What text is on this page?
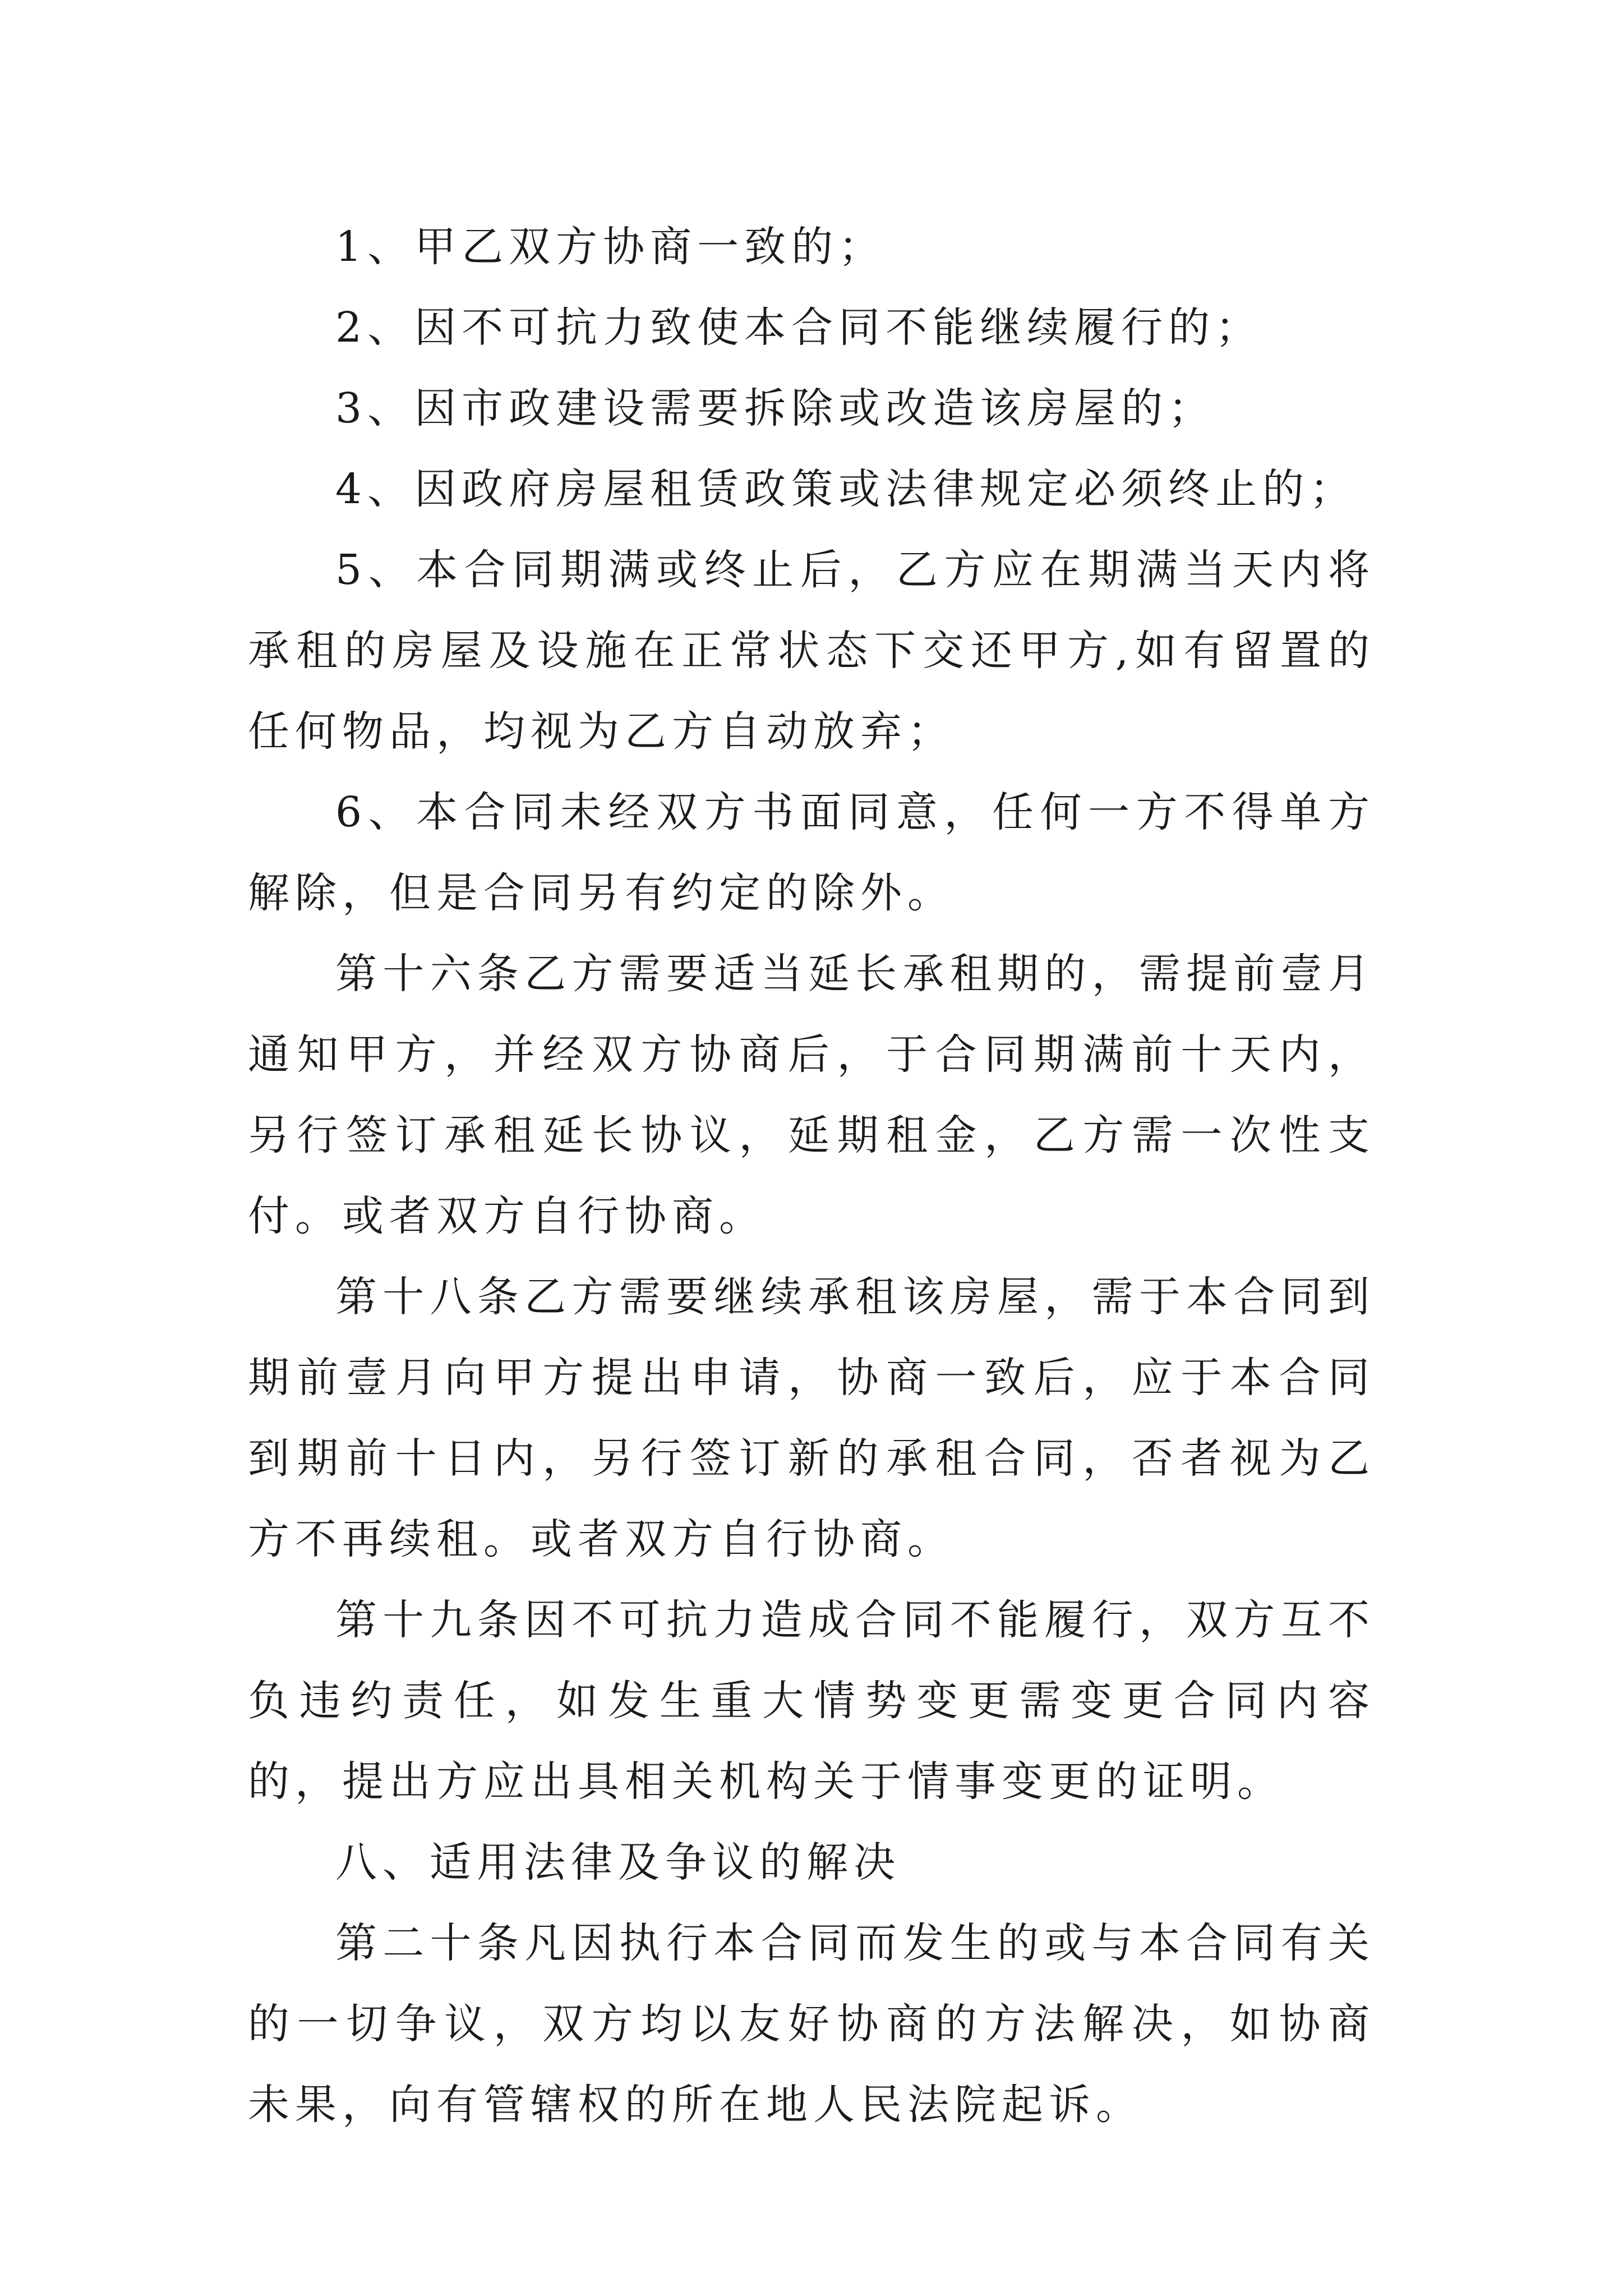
1、甲乙双方协商一致的；

2、因不可抗力致使本合同不能继续履行的；

3、因市政建设需要拆除或改造该房屋的；

4、因政府房屋租赁政策或法律规定必须终止的；

5、本合同期满或终止后，乙方应在期满当天内将承租的房屋及设施在正常状态下交还甲方,如有留置的任何物品，均视为乙方自动放弃；

6、本合同未经双方书面同意，任何一方不得单方解除，但是合同另有约定的除外。

第十六条乙方需要适当延长承租期的，需提前壹月通知甲方，并经双方协商后，于合同期满前十天内，另行签订承租延长协议，延期租金，乙方需一次性支付。或者双方自行协商。

第十八条乙方需要继续承租该房屋，需于本合同到期前壹月向甲方提出申请，协商一致后，应于本合同到期前十日内，另行签订新的承租合同，否者视为乙方不再续租。或者双方自行协商。

第十九条因不可抗力造成合同不能履行，双方互不负违约责任，如发生重大情势变更需变更合同内容的，提出方应出具相关机构关于情事变更的证明。

八、适用法律及争议的解决

第二十条凡因执行本合同而发生的或与本合同有关的一切争议，双方均以友好协商的方法解决，如协商未果，向有管辖权的所在地人民法院起诉。
